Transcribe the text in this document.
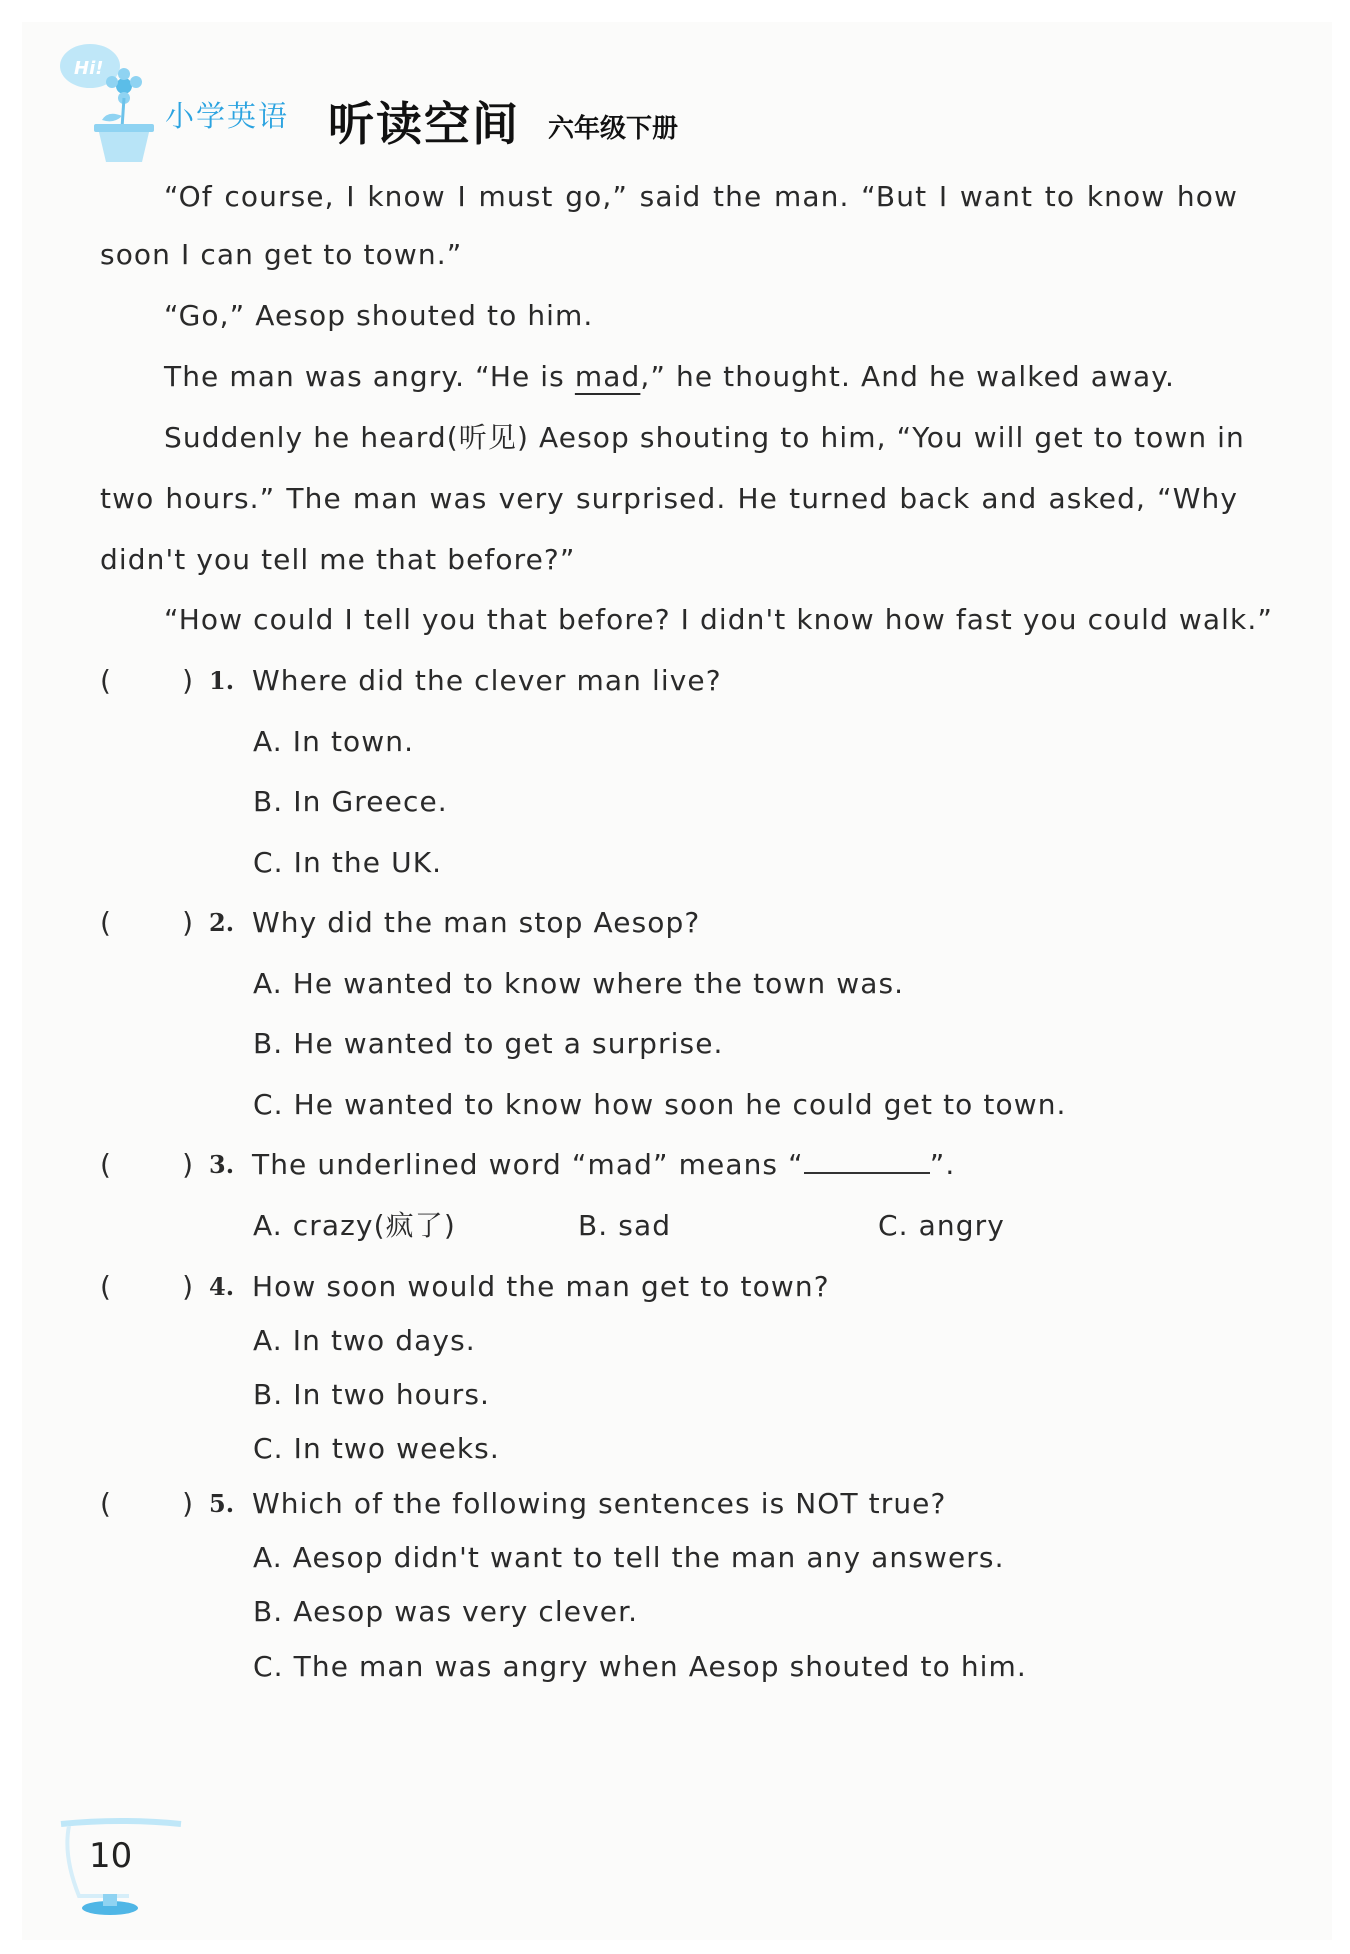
Hi!
小学英语 听读空间 六年级下册
“Of course, I know I must go,” said the man. “But I want to know how
soon I can get to town.”
“Go,” Aesop shouted to him.
The man was angry. “He is mad,” he thought. And he walked away.
Suddenly he heard(听见) Aesop shouting to him, “You will get to town in
two hours.” The man was very surprised. He turned back and asked, “Why
didn't you tell me that before?”
“How could I tell you that before? I didn't know how fast you could walk.”
(        ) 1. Where did the clever man live?
A. In town.
B. In Greece.
C. In the UK.
(        ) 2. Why did the man stop Aesop?
A. He wanted to know where the town was.
B. He wanted to get a surprise.
C. He wanted to know how soon he could get to town.
(        ) 3. The underlined word “mad” means “	”.
A. crazy(疯了)	B. sad	C. angry
(        ) 4. How soon would the man get to town?
A. In two days.
B. In two hours.
C. In two weeks.
(        ) 5. Which of the following sentences is NOT true?
A. Aesop didn't want to tell the man any answers.
B. Aesop was very clever.
C. The man was angry when Aesop shouted to him.
10
